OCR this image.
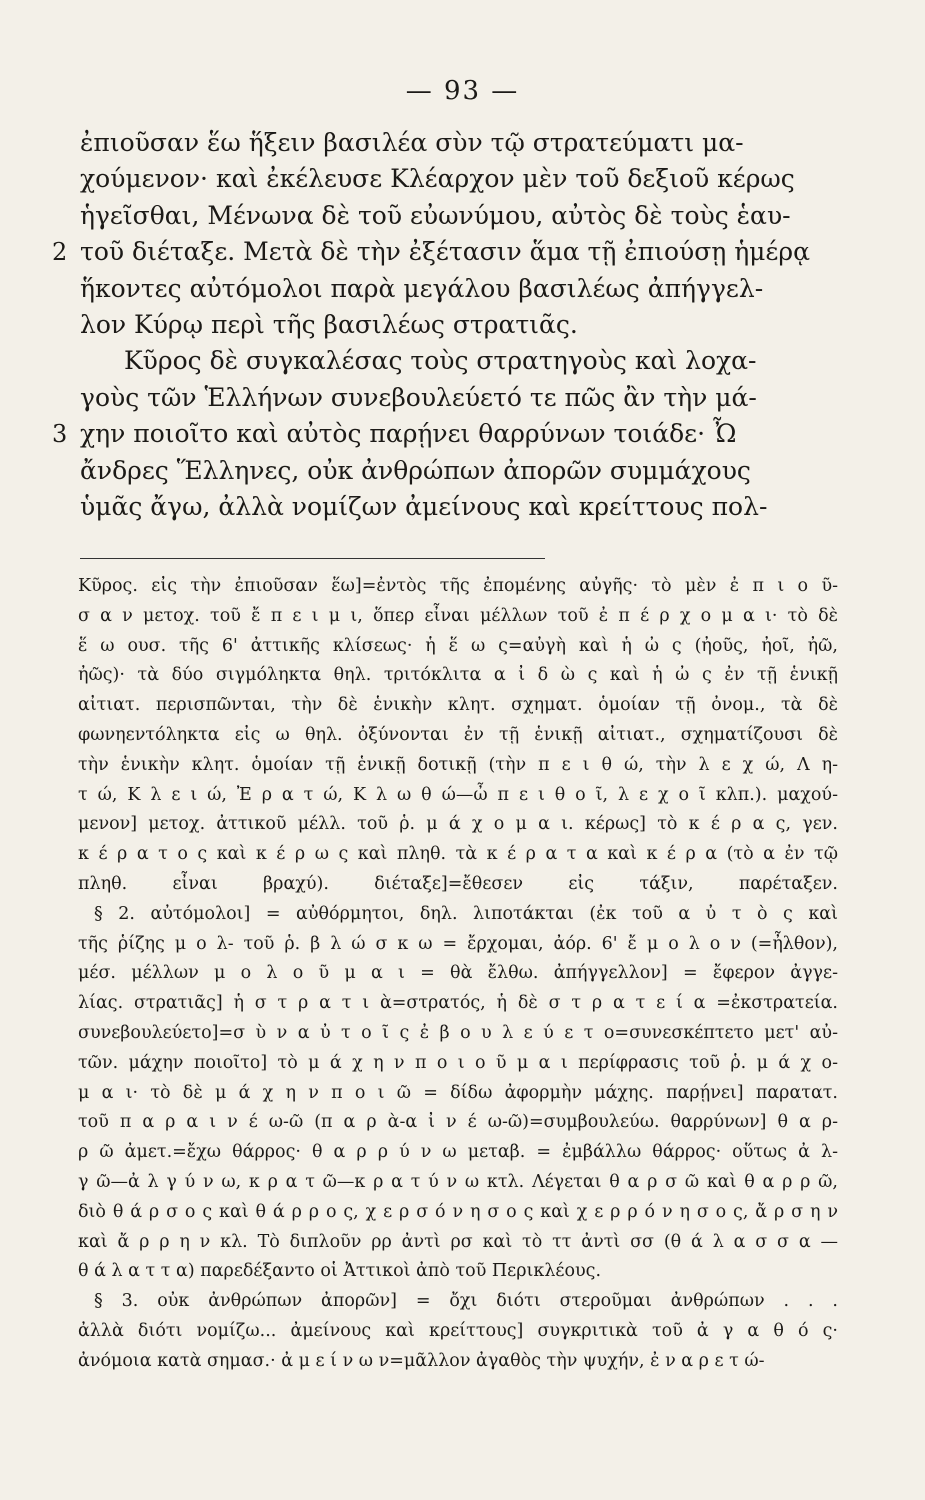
— 93 —
ἐπιοῦσαν ἕω ἥξειν βασιλέα σὺν τῷ στρατεύματι μα-
χούμενον· καὶ ἐκέλευσε Κλέαρχον μὲν τοῦ δεξιοῦ κέρως
ἡγεῖσθαι, Μένωνα δὲ τοῦ εὐωνύμου, αὐτὸς δὲ τοὺς ἑαυ-
2 τοῦ διέταξε. Μετὰ δὲ τὴν ἐξέτασιν ἅμα τῇ ἐπιούσῃ ἡμέρᾳ
ἥκοντες αὐτόμολοι παρὰ μεγάλου βασιλέως ἀπήγγελ-
λον Κύρῳ περὶ τῆς βασιλέως στρατιᾶς.
Κῦρος δὲ συγκαλέσας τοὺς στρατηγοὺς καὶ λοχα-
γοὺς τῶν Ἑλλήνων συνεβουλεύετό τε πῶς ἂν τὴν μά-
3 χην ποιοῖτο καὶ αὐτὸς παρῄνει θαρρύνων τοιάδε· Ὦ
ἄνδρες Ἕλληνες, οὐκ ἀνθρώπων ἀπορῶν συμμάχους
ὑμᾶς ἄγω, ἀλλὰ νομίζων ἀμείνους καὶ κρείττους πολ-
Κῦρος. εἰς τὴν ἐπιοῦσαν ἕω]=ἐντὸς τῆς ἐπομένης αὐγῆς· τὸ μὲν ἐ π ι ο ῦ-
σ α ν μετοχ. τοῦ ἔ π ε ι μ ι, ὅπερ εἶναι μέλλων τοῦ ἐ π έ ρ χ ο μ α ι· τὸ δὲ
ἕ ω ουσ. τῆς 6' ἀττικῆς κλίσεως· ἡ ἕ ω ς=αὐγὴ καὶ ἡ ὠ ς (ἠοῦς, ἠοῖ, ἠῶ,
ἠῶς)· τὰ δύο σιγμόληκτα θηλ. τριτόκλιτα α ἰ δ ὼ ς καὶ ἡ ὠ ς ἐν τῇ ἑνικῇ
αἰτιατ. περισπῶνται, τὴν δὲ ἑνικὴν κλητ. σχηματ. ὁμοίαν τῇ ὀνομ., τὰ δὲ
φωνηεντόληκτα εἰς ω θηλ. ὀξύνονται ἐν τῇ ἑνικῇ αἰτιατ., σχηματίζουσι δὲ
τὴν ἑνικὴν κλητ. ὁμοίαν τῇ ἑνικῇ δοτικῇ (τὴν π ε ι θ ώ, τὴν λ ε χ ώ, Λ η-
τ ώ, Κ λ ε ι ώ, Ἐ ρ α τ ώ, Κ λ ω θ ώ—ὦ π ε ι θ ο ῖ, λ ε χ ο ῖ κλπ.). μαχού-
μενον] μετοχ. ἀττικοῦ μέλλ. τοῦ ῥ. μ ά χ ο μ α ι. κέρως] τὸ κ έ ρ α ς, γεν.
κ έ ρ α τ ο ς καὶ κ έ ρ ω ς καὶ πληθ. τὰ κ έ ρ α τ α καὶ κ έ ρ α (τὸ α ἐν τῷ
πληθ. εἶναι βραχύ). διέταξε]=ἔθεσεν εἰς τάξιν, παρέταξεν.
§ 2. αὐτόμολοι] = αὐθόρμητοι, δηλ. λιποτάκται (ἐκ τοῦ α ὐ τ ὸ ς καὶ
τῆς ῥίζης μ ο λ- τοῦ ῥ. β λ ώ σ κ ω = ἔρχομαι, ἀόρ. 6' ἔ μ ο λ ο ν (=ἦλθον),
μέσ. μέλλων μ ο λ ο ῦ μ α ι = θὰ ἔλθω. ἀπήγγελλον] = ἔφερον ἀγγε-
λίας. στρατιᾶς] ἡ σ τ ρ α τ ι ὰ=στρατός, ἡ δὲ σ τ ρ α τ ε ί α =ἐκστρατεία.
συνεβουλεύετο]=σ ὺ ν α ὐ τ ο ῖ ς ἐ β ο υ λ ε ύ ε τ ο=συνεσκέπτετο μετ' αὐ-
τῶν. μάχην ποιοῖτο] τὸ μ ά χ η ν π ο ι ο ῦ μ α ι περίφρασις τοῦ ῥ. μ ά χ ο-
μ α ι· τὸ δὲ μ ά χ η ν π ο ι ῶ = δίδω ἀφορμὴν μάχης. παρῄνει] παρατατ.
τοῦ π α ρ α ι ν έ ω-ῶ (π α ρ ὰ-α ἰ ν έ ω-ῶ)=συμβουλεύω. θαρρύνων] θ α ρ-
ρ ῶ ἀμετ.=ἔχω θάρρος· θ α ρ ρ ύ ν ω μεταβ. = ἐμβάλλω θάρρος· οὕτως ἀ λ-
γ ῶ—ἀ λ γ ύ ν ω, κ ρ α τ ῶ—κ ρ α τ ύ ν ω κτλ. Λέγεται θ α ρ σ ῶ καὶ θ α ρ ρ ῶ,
διὸ θ ά ρ σ ο ς καὶ θ ά ρ ρ ο ς, χ ε ρ σ ό ν η σ ο ς καὶ χ ε ρ ρ ό ν η σ ο ς, ἄ ρ σ η ν
καὶ ἄ ρ ρ η ν κλ. Τὸ διπλοῦν ρρ ἀντὶ ρσ καὶ τὸ ττ ἀντὶ σσ (θ ά λ α σ σ α —
θ ά λ α τ τ α) παρεδέξαντο οἱ Ἀττικοὶ ἀπὸ τοῦ Περικλέους.
§ 3. οὐκ ἀνθρώπων ἀπορῶν] = ὄχι διότι στεροῦμαι ἀνθρώπων . . .
ἀλλὰ διότι νομίζω... ἀμείνους καὶ κρείττους] συγκριτικὰ τοῦ ἀ γ α θ ό ς·
ἀνόμοια κατὰ σημασ.· ἀ μ ε ί ν ω ν=μᾶλλον ἀγαθὸς τὴν ψυχήν, ἐ ν α ρ ε τ ώ-
